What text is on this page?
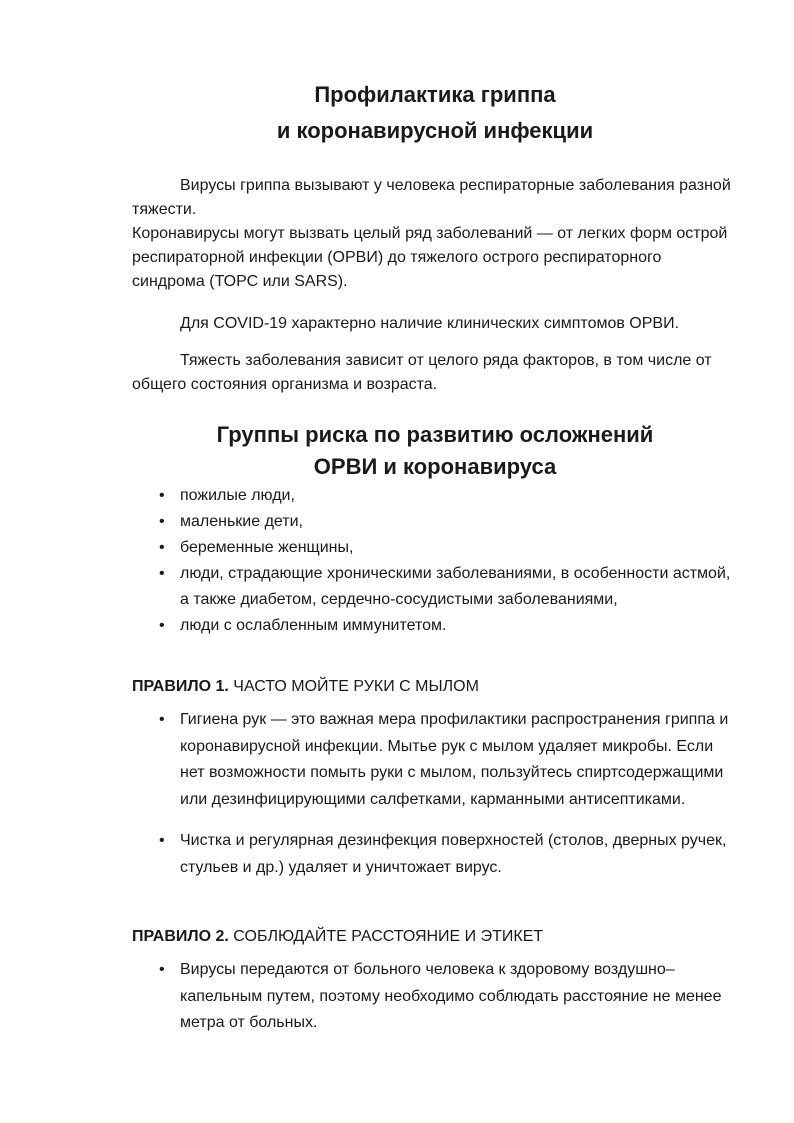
Профилактика гриппа
и коронавирусной инфекции

Вирусы гриппа вызывают у человека респираторные заболевания разной тяжести.

Коронавирусы могут вызвать целый ряд заболеваний — от легких форм острой респираторной инфекции (ОРВИ) до тяжелого острого респираторного синдрома (ТОРС или SARS).

Для COVID-19 характерно наличие клинических симптомов ОРВИ.

Тяжесть заболевания зависит от целого ряда факторов, в том числе от общего состояния организма и возраста.

Группы риска по развитию осложнений
ОРВИ и коронавируса
• пожилые люди,
• маленькие дети,
• беременные женщины,
• люди, страдающие хроническими заболеваниями, в особенности астмой, а также диабетом, сердечно-сосудистыми заболеваниями,
• люди с ослабленным иммунитетом.

ПРАВИЛО 1. ЧАСТО МОЙТЕ РУКИ С МЫЛОМ

• Гигиена рук — это важная мера профилактики распространения гриппа и коронавирусной инфекции. Мытье рук с мылом удаляет микробы. Если нет возможности помыть руки с мылом, пользуйтесь спиртсодержащими или дезинфицирующими салфетками, карманными антисептиками.
• Чистка и регулярная дезинфекция поверхностей (столов, дверных ручек, стульев и др.) удаляет и уничтожает вирус.

ПРАВИЛО 2. СОБЛЮДАЙТЕ РАССТОЯНИЕ И ЭТИКЕТ

• Вирусы передаются от больного человека к здоровому воздушно–капельным путем, поэтому необходимо соблюдать расстояние не менее метра от больных.
